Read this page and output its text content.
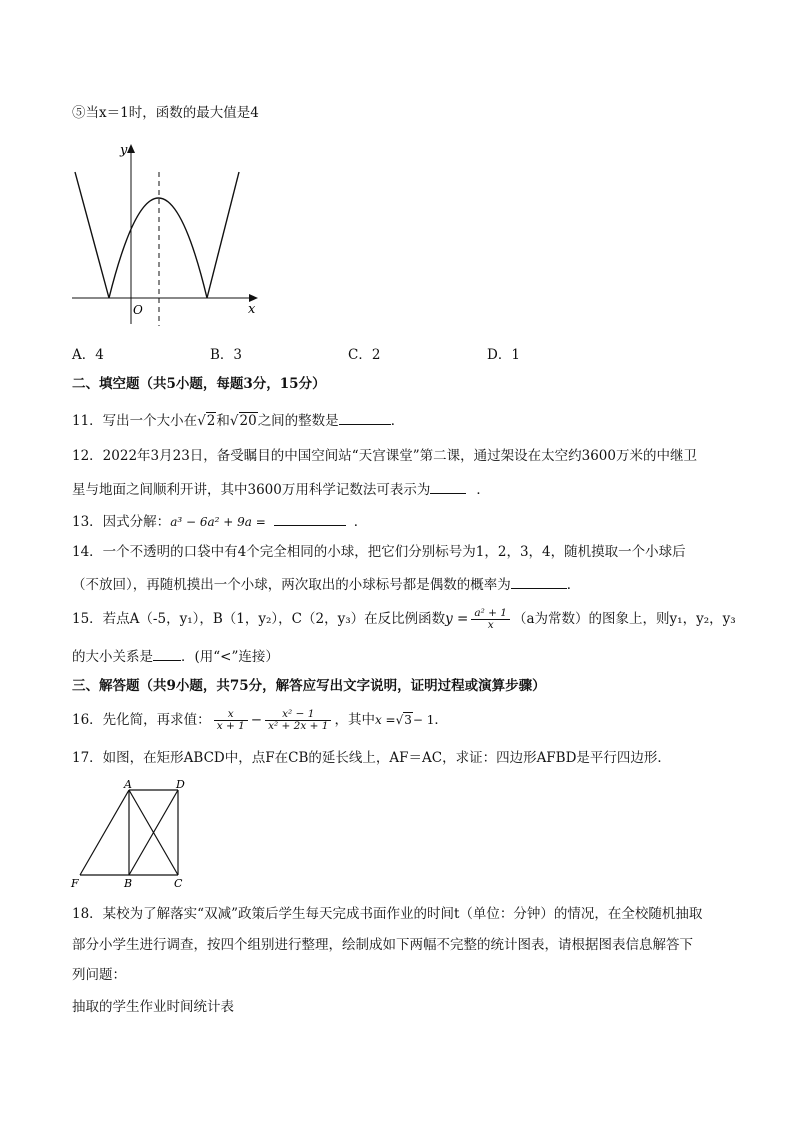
⑤当x＝1时，函数的最大值是4
y
O	x
A．4	B．3	C．2	D．1
二、填空题（共5小题，每题3分，15分）
11．写出一个大小在√2和√20之间的整数是	．
12．2022年3月23日，备受瞩目的中国空间站“天宫课堂”第二课，通过架设在太空约3600万米的中继卫
星与地面之间顺利开讲，其中3600万用科学记数法可表示为	．
13．因式分解：a³ − 6a² + 9a =	．
14．一个不透明的口袋中有4个完全相同的小球，把它们分别标号为1，2，3，4，随机摸取一个小球后
（不放回），再随机摸出一个小球，两次取出的小球标号都是偶数的概率为	．
15．若点A（-5，y₁），B（1，y₂），C（2，y₃）在反比例函数$y = \frac{\text{a² + 1}}{x} (a$为常数）的图象上，则y₁，y₂，y₃
的大小关系是 ．(用“<”连接）
三、解答题（共9小题，共75分，解答应写出文字说明，证明过程或演算步骤）
16．先化简，再求值： $\frac{x}{x + 1} - \frac{\text{x² − 1}}{\text{x² + 2x + 1}}$ ，其中x =√3− 1．
17．如图，在矩形ABCD中，点F在CB的延长线上，AF＝AC，求证：四边形AFBD是平行四边形．
A	D
F	B	C
18．某校为了解落实“双减”政策后学生每天完成书面作业的时间t（单位：分钟）的情况，在全校随机抽取
部分小学生进行调查，按四个组别进行整理，绘制成如下两幅不完整的统计图表，请根据图表信息解答下
列问题：
抽取的学生作业时间统计表
